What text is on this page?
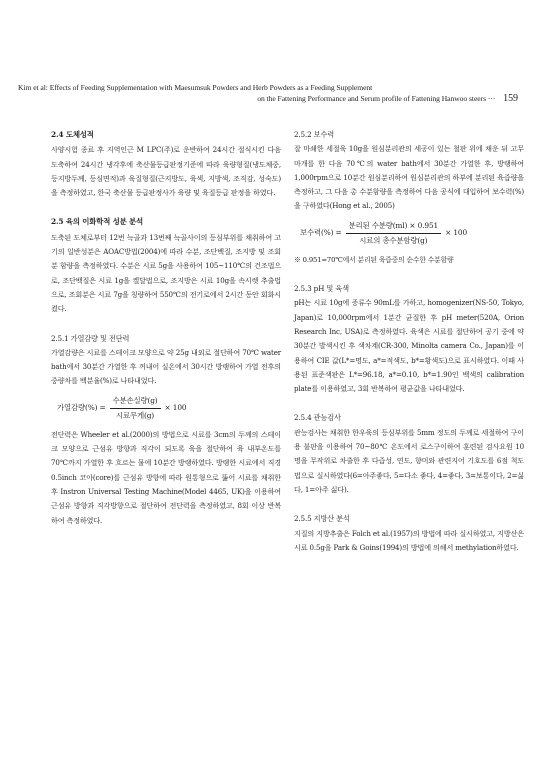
Kim et al: Effects of Feeding Supplementation with Maesumsuk Powders and Herb Powders as a Feeding Supplement
on the Fattening Performance and Serum profile of Fattening Hanwoo steers ··· 159
2.4 도체성적

사양시험 종료 후 지역인근 M LPC(주)로 운반하여 24시간 절식시킨 다음 도축하여 24시간 냉각후에 축산물등급판정기준에 따라 육량형질(냉도체중, 등지방두께, 등심면적)과 육질형질(근지방도, 육색, 지방색, 조직감, 성숙도)을 측정하였고, 한국 축산물 등급판정사가 육량 및 육질등급 판정을 하였다.

2.5 육의 이화학적 성분 분석

도축된 도체로부터 12번 늑골과 13번째 늑골사이의 등심부위를 채취하여 고기의 일반성분은 AOAC방법(2004)에 따라 수분, 조단백질, 조지방 및 조회분 함량을 측정하였다. 수분은 시료 5g을 사용하여 105~110℃의 건조법으로, 조단백질은 시료 1g을 켈달법으로, 조지방은 시료 10g을 속시렛 추출법으로, 조회분은 시료 7g을 칭량하여 550℃의 전기로에서 2시간 동안 회화시켰다.

2.5.1 가열감량 및 전단력

가열감량은 시료를 스테이크 모양으로 약 25g 내외로 절단하여 70℃ water bath에서 30분간 가열한 후 꺼내어 실온에서 30시간 방랭하여 가열 전후의 중량차를 백분율(%)로 나타내었다.

가열감량(%) = $\frac{\text{수분손실량(g)}}{\text{시료무게(g)}} \times 100$

전단력은 Wheeler et al.(2000)의 방법으로 시료를 3cm의 두께의 스테이크 모양으로 근섬유 방향과 직각이 되도록 육을 절단하여 육 내부온도를 70℃까지 가열한 후 흐르는 물에 10분간 방랭하였다. 방랭한 시료에서 직경 0.5inch 코아(core)를 근섬유 방향에 따라 원통형으로 뚫어 시료를 채취한 후 Instron Universal Testing Machine(Model 4465, UK)을 이용하여 근섬유 방향과 직각방향으로 절단하여 전단력을 측정하였고, 8회 이상 반복하여 측정하였다.

2.5.2 보수력

잘 마쇄한 세절육 10g을 원심분리관의 세공이 있는 철판 위에 채운 뒤 고무마개를 한 다음 70℃의 water bath에서 30분간 가열한 후, 방랭하여 1,000rpm으로 10분간 원심분리하여 원심분리관의 하부에 분리된 육즙량을 측정하고, 그 다음 총 수분함량을 측정하여 다음 공식에 대입하여 보수력(%)을 구하였다(Hong et al., 2005)

보수력(%) = $\frac{\text{분리된 수분량(ml) × 0.951}}{\text{시료의 총수분함량(g)}} \times 100$

※ 0.951=70℃에서 분리된 육즙중의 순수한 수분함량

2.5.3 pH 및 육색

pH는 시료 10g에 증류수 90mL를 가하고, homogenizer(NS-50, Tokyo, Japan)로 10,000rpm에서 1분간 균질한 후 pH meter(520A, Orion Research Inc, USA)로 측정하였다. 육색은 시료를 절단하여 공기 중에 약 30분간 발색시킨 후 색차계(CR-300, Minolta camera Co., Japan)를 이용하여 CIE 값(L*=명도, a*=적색도, b*=황색도)으로 표시하였다. 이때 사용된 표준색판은 L*=96.18, a*=0.10, b*=1.90인 백색의 calibration plate를 이용하였고, 3회 반복하여 평균값을 나타내었다.

2.5.4 관능검사

관능검사는 채취한 한우육의 등심부위를 5mm 정도의 두께로 세절하여 구이용 불판을 이용하여 70~80℃ 온도에서 로스구이하여 훈련된 검사요원 10명을 무작위로 차출한 후 다즙성, 연도, 향미와 관련지어 기호도를 6점 척도법으로 실시하였다(6=아주좋다, 5=다소 좋다, 4=좋다, 3=보통이다, 2=싫다, 1=아주 싫다).

2.5.5 지방산 분석

지질의 지방추출은 Folch et al.(1957)의 방법에 따라 실시하였고, 지방산은 시료 0.5g을 Park & Goins(1994)의 방법에 의해서 methylation하였다.
